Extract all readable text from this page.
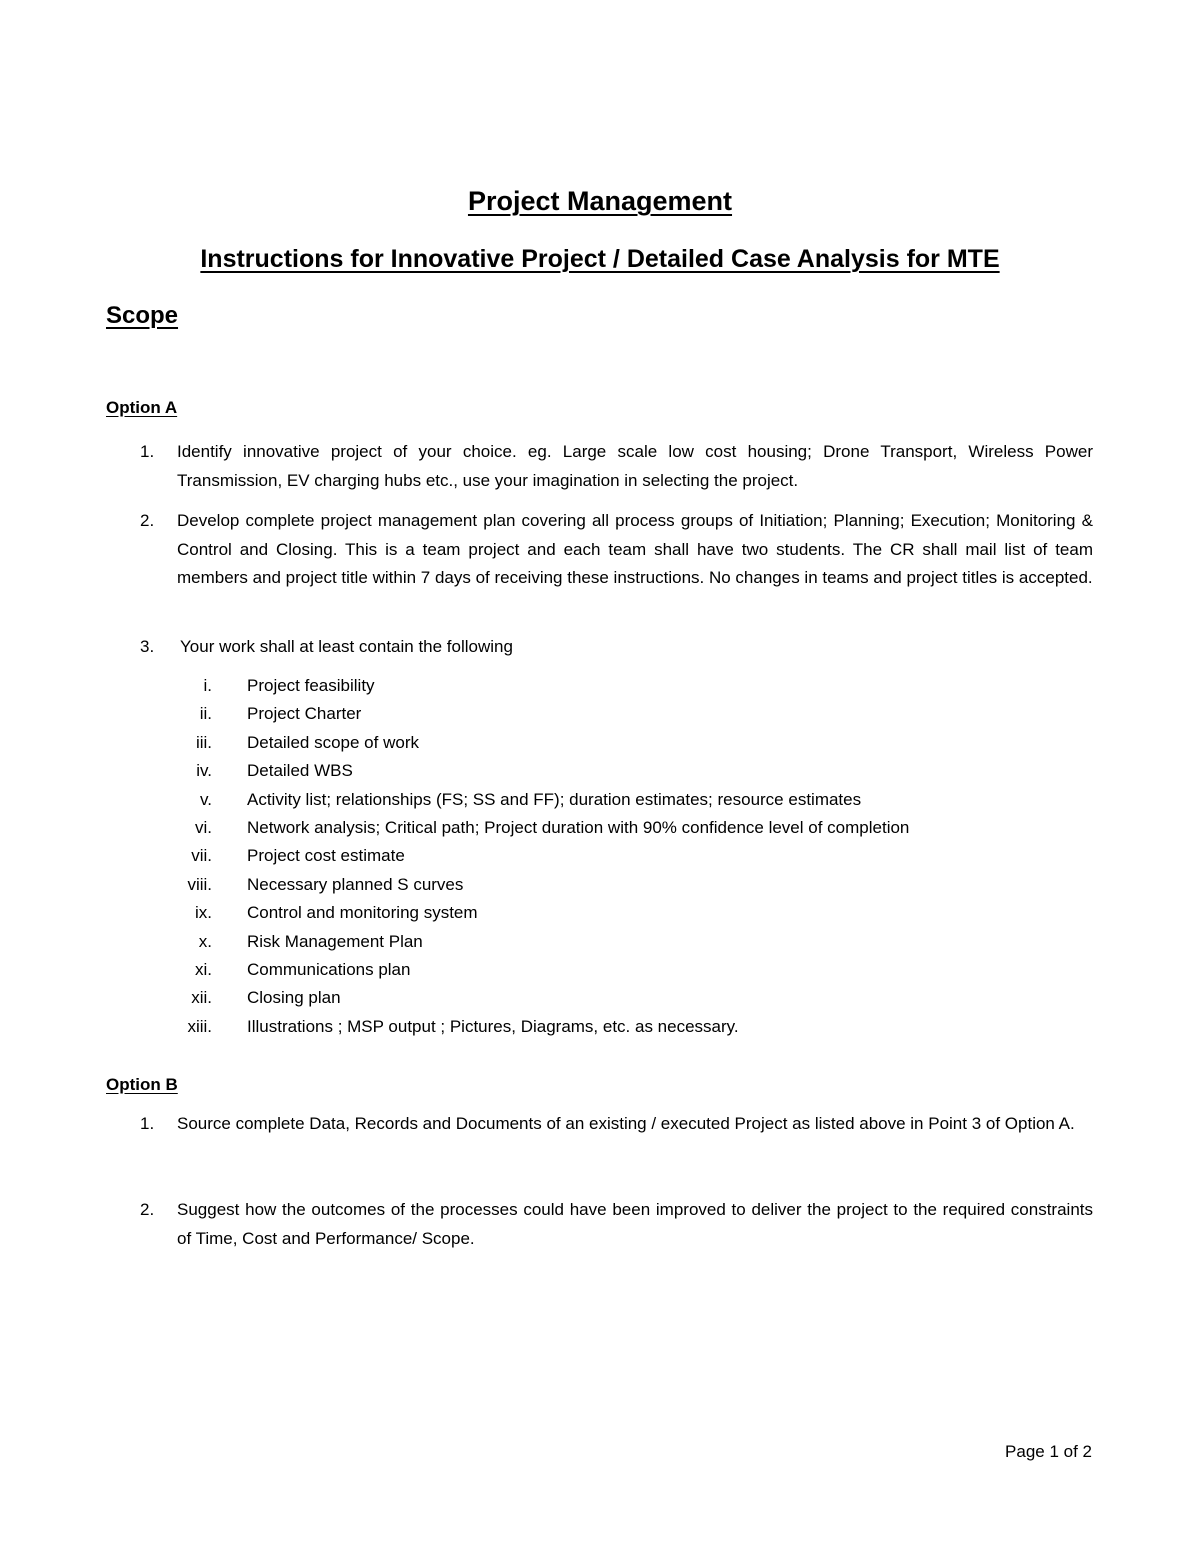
Project Management
Instructions for Innovative Project / Detailed Case Analysis for MTE
Scope
Option A
1. Identify innovative project of your choice. eg. Large scale low cost housing; Drone Transport, Wireless Power Transmission, EV charging hubs etc., use your imagination in selecting the project.
2. Develop complete project management plan covering all process groups of Initiation; Planning; Execution; Monitoring & Control and Closing. This is a team project and each team shall have two students. The CR shall mail list of team members and project title within 7 days of receiving these instructions. No changes in teams and project titles is accepted.
3. Your work shall at least contain the following
i. Project feasibility
ii. Project Charter
iii. Detailed scope of work
iv. Detailed WBS
v. Activity list; relationships (FS; SS and FF); duration estimates; resource estimates
vi. Network analysis; Critical path; Project duration with 90% confidence level of completion
vii. Project cost estimate
viii. Necessary planned S curves
ix. Control and monitoring system
x. Risk Management Plan
xi. Communications plan
xii. Closing plan
xiii. Illustrations ; MSP output ; Pictures, Diagrams, etc. as necessary.
Option B
1. Source complete Data, Records and Documents of an existing / executed Project as listed above in Point 3 of Option A.
2. Suggest how the outcomes of the processes could have been improved to deliver the project to the required constraints of Time, Cost and Performance/ Scope.
Page 1 of 2
